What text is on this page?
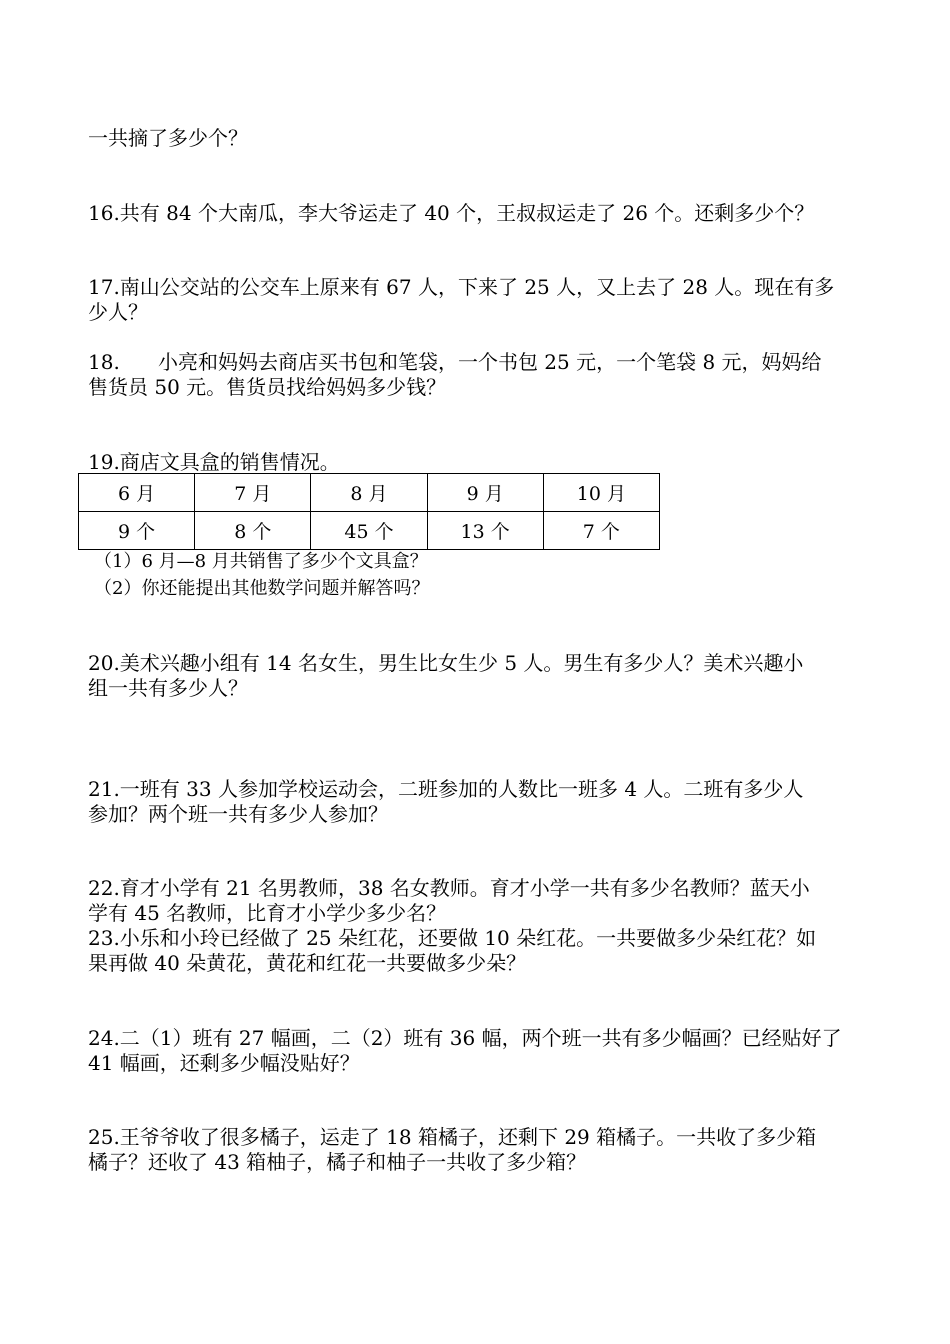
一共摘了多少个？
16.共有 84 个大南瓜，李大爷运走了 40 个，王叔叔运走了 26 个。还剩多少个？
17.南山公交站的公交车上原来有 67 人，下来了 25 人，又上去了 28 人。现在有多
少人？
18.      小亮和妈妈去商店买书包和笔袋，一个书包 25 元，一个笔袋 8 元，妈妈给
售货员 50 元。售货员找给妈妈多少钱？
19.商店文具盒的销售情况。
6 月	7 月	8 月	9 月	10 月
9 个	8 个	45 个	13 个	7 个
（1）6 月—8 月共销售了多少个文具盒？
（2）你还能提出其他数学问题并解答吗？
20.美术兴趣小组有 14 名女生，男生比女生少 5 人。男生有多少人？美术兴趣小
组一共有多少人？
21.一班有 33 人参加学校运动会，二班参加的人数比一班多 4 人。二班有多少人
参加？两个班一共有多少人参加？
22.育才小学有 21 名男教师，38 名女教师。育才小学一共有多少名教师？蓝天小
学有 45 名教师，比育才小学少多少名？
23.小乐和小玲已经做了 25 朵红花，还要做 10 朵红花。一共要做多少朵红花？如
果再做 40 朵黄花，黄花和红花一共要做多少朵？
24.二（1）班有 27 幅画，二（2）班有 36 幅，两个班一共有多少幅画？已经贴好了
41 幅画，还剩多少幅没贴好？
25.王爷爷收了很多橘子，运走了 18 箱橘子，还剩下 29 箱橘子。一共收了多少箱
橘子？还收了 43 箱柚子，橘子和柚子一共收了多少箱？
